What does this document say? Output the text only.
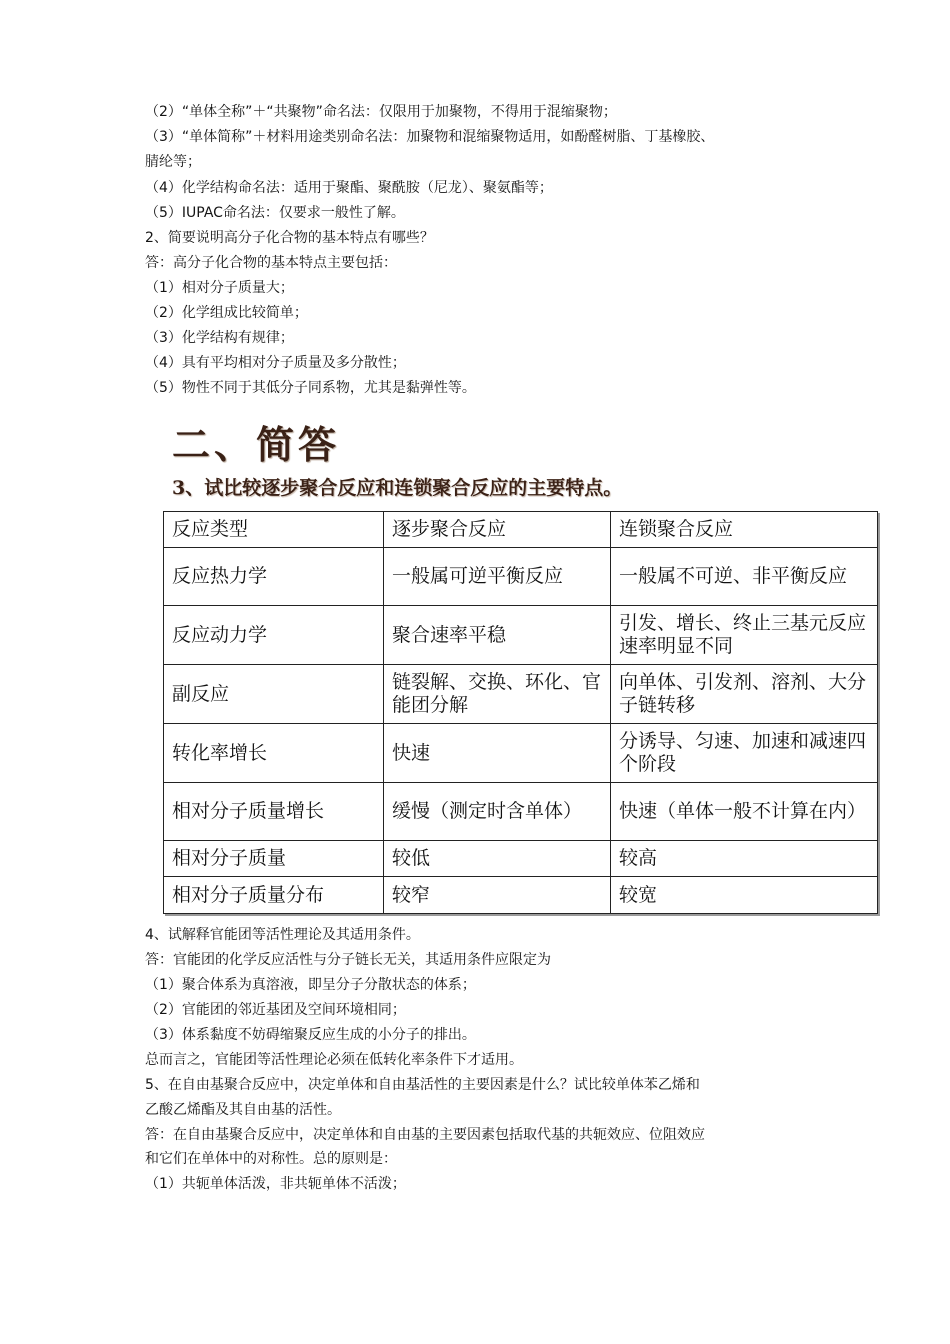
（2）“单体全称”＋“共聚物”命名法：仅限用于加聚物，不得用于混缩聚物；
（3）“单体简称”＋材料用途类别命名法：加聚物和混缩聚物适用，如酚醛树脂、丁基橡胶、
腈纶等；
（4）化学结构命名法：适用于聚酯、聚酰胺（尼龙）、聚氨酯等；
（5）IUPAC命名法：仅要求一般性了解。
2、简要说明高分子化合物的基本特点有哪些？
答：高分子化合物的基本特点主要包括：
（1）相对分子质量大；
（2）化学组成比较简单；
（3）化学结构有规律；
（4）具有平均相对分子质量及多分散性；
（5）物性不同于其低分子同系物，尤其是黏弹性等。
二、简答
3、试比较逐步聚合反应和连锁聚合反应的主要特点。
反应类型	逐步聚合反应	连锁聚合反应
反应热力学	一般属可逆平衡反应	一般属不可逆、非平衡反应
反应动力学	聚合速率平稳	引发、增长、终止三基元反应速率明显不同
副反应	链裂解、交换、环化、官能团分解	向单体、引发剂、溶剂、大分子链转移
转化率增长	快速	分诱导、匀速、加速和减速四个阶段
相对分子质量增长	缓慢（测定时含单体）	快速（单体一般不计算在内）
相对分子质量	较低	较高
相对分子质量分布	较窄	较宽
4、试解释官能团等活性理论及其适用条件。
答：官能团的化学反应活性与分子链长无关，其适用条件应限定为
（1）聚合体系为真溶液，即呈分子分散状态的体系；
（2）官能团的邻近基团及空间环境相同；
（3）体系黏度不妨碍缩聚反应生成的小分子的排出。
总而言之，官能团等活性理论必须在低转化率条件下才适用。
5、在自由基聚合反应中，决定单体和自由基活性的主要因素是什么？试比较单体苯乙烯和
乙酸乙烯酯及其自由基的活性。
答：在自由基聚合反应中，决定单体和自由基的主要因素包括取代基的共轭效应、位阻效应
和它们在单体中的对称性。总的原则是：
（1）共轭单体活泼，非共轭单体不活泼；
